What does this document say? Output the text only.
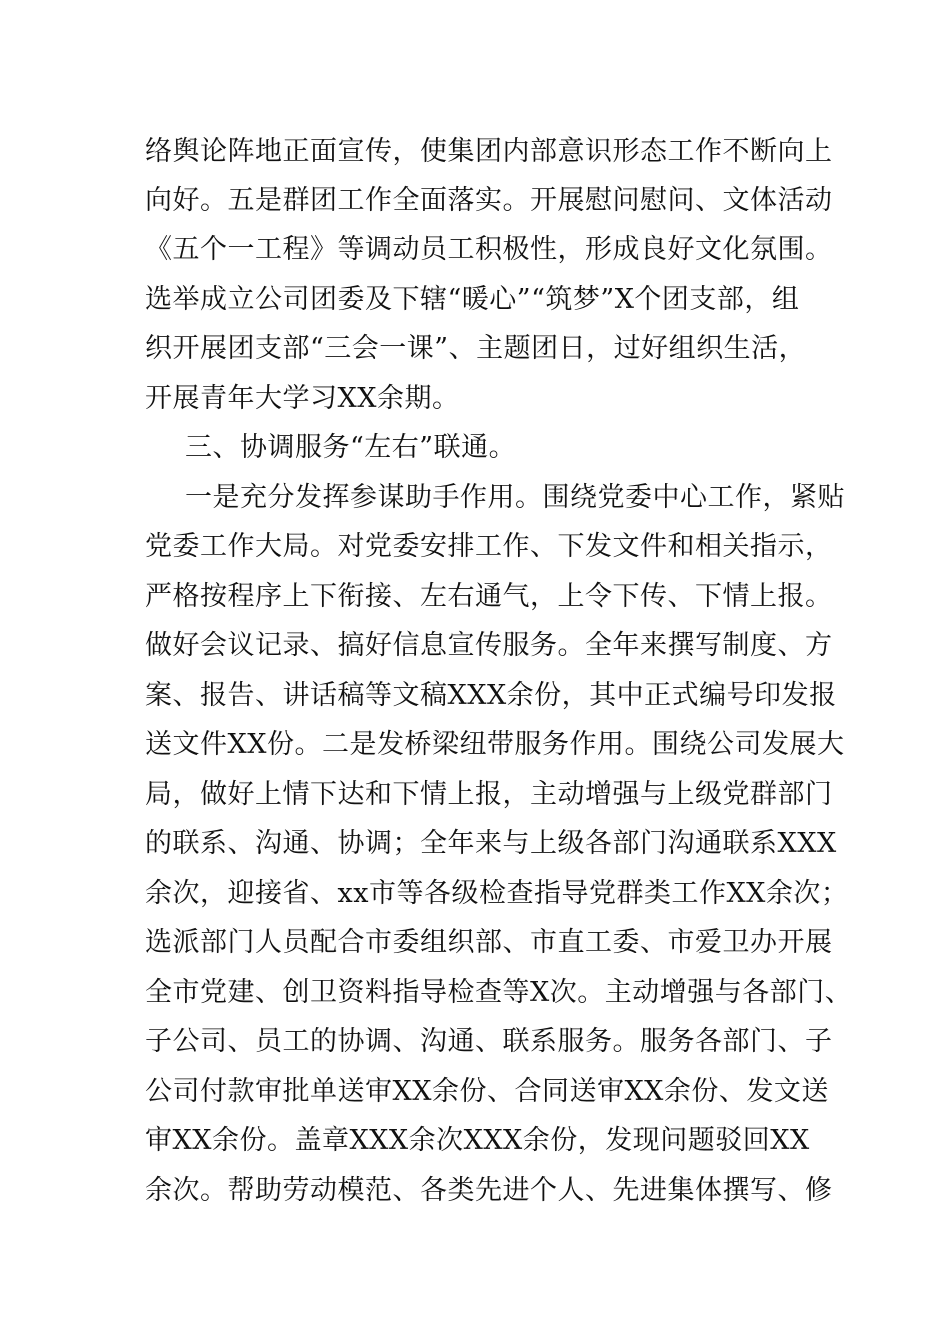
络舆论阵地正面宣传，使集团内部意识形态工作不断向上
向好。五是群团工作全面落实。开展慰问慰问、文体活动
《五个一工程》等调动员工积极性，形成良好文化氛围。
选举成立公司团委及下辖“暖心”“筑梦”X个团支部，组
织开展团支部“三会一课”、主题团日，过好组织生活，
开展青年大学习XX余期。
三、协调服务“左右”联通。
一是充分发挥参谋助手作用。围绕党委中心工作，紧贴
党委工作大局。对党委安排工作、下发文件和相关指示，
严格按程序上下衔接、左右通气，上令下传、下情上报。
做好会议记录、搞好信息宣传服务。全年来撰写制度、方
案、报告、讲话稿等文稿XXX余份，其中正式编号印发报
送文件XX份。二是发桥梁纽带服务作用。围绕公司发展大
局，做好上情下达和下情上报，主动增强与上级党群部门
的联系、沟通、协调；全年来与上级各部门沟通联系XXX
余次，迎接省、xx市等各级检查指导党群类工作XX余次；
选派部门人员配合市委组织部、市直工委、市爱卫办开展
全市党建、创卫资料指导检查等X次。主动增强与各部门、
子公司、员工的协调、沟通、联系服务。服务各部门、子
公司付款审批单送审XX余份、合同送审XX余份、发文送
审XX余份。盖章XXX余次XXX余份，发现问题驳回XX
余次。帮助劳动模范、各类先进个人、先进集体撰写、修
